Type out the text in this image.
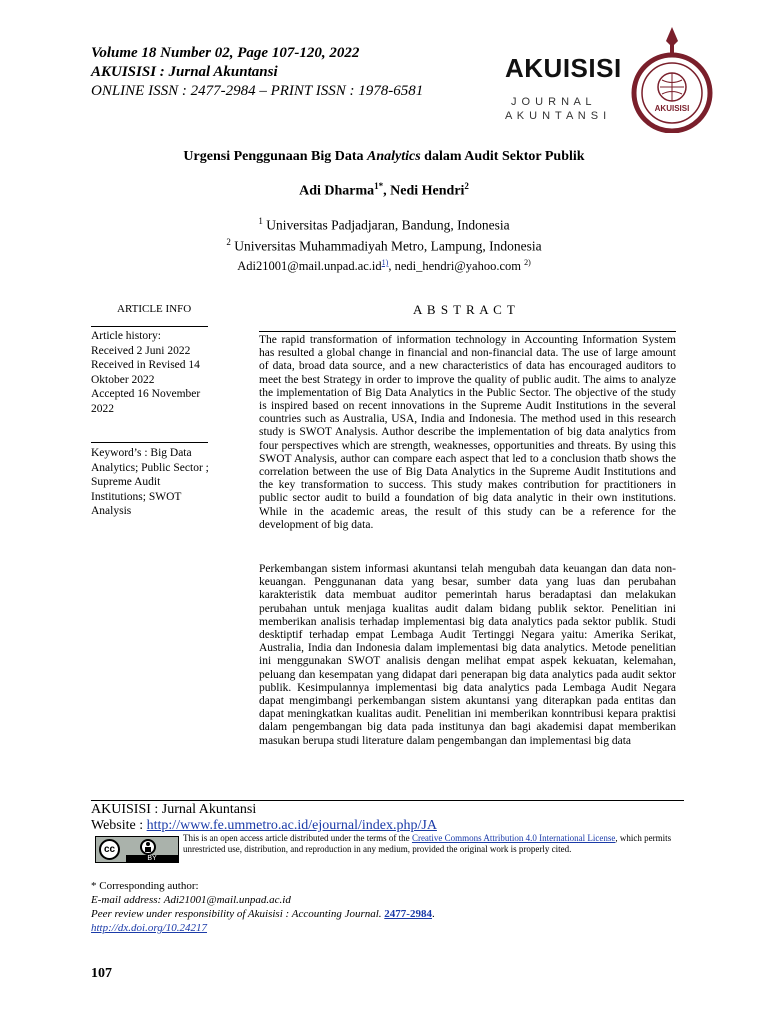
Volume 18 Number 02, Page 107-120, 2022
AKUISISI : Jurnal Akuntansi
ONLINE ISSN : 2477-2984 – PRINT ISSN : 1978-6581
AKUISISI
J O U R N A L
A K U N T A N S I
AKUISISI
Urgensi Penggunaan Big Data Analytics dalam Audit Sektor Publik
Adi Dharma$^{1*}$, Nedi Hendri$^2$
$^1$ Universitas Padjadjaran, Bandung, Indonesia
$^2$ Universitas Muhammadiyah Metro, Lampung, Indonesia
$Adi21001@mail.unpad.ac.id^{1)}$, nedi_hendri@yahoo.com $^{2)}$
ARTICLE INFO
Article history:
Received 2 Juni 2022
Received in Revised 14 Oktober 2022
Accepted 16 November 2022
Keyword’s : Big Data Analytics; Public Sector ; Supreme Audit Institutions; SWOT Analysis
A B S T R A C T
The rapid transformation of information technology in Accounting Information System has resulted a global change in financial and non-financial data. The use of large amount of data, broad data source, and a new characteristics of data has encouraged auditors to meet the best Strategy in order to improve the quality of public audit. The aims to analyze the implementation of Big Data Analytics in the Public Sector. The objective of the study is inspired based on recent innovations in the Supreme Audit Institutions in the several countries such as Australia, USA, India and Indonesia. The method used in this research study is SWOT Analysis. Author describe the implementation of big data analytics from four perspectives which are strength, weaknesses, opportunities and threats. By using this SWOT Analysis, author can compare each aspect that led to a conclusion thatb shows the correlation between the use of Big Data Analytics in the Supreme Audit Institutions and the key transformation to success. This study makes contribution for practitioners in public sector audit to build a foundation of big data analytic in their own institutions. While in the academic areas, the result of this study can be a reference for the development of big data.
Perkembangan sistem informasi akuntansi telah mengubah data keuangan dan data non-keuangan. Penggunanan data yang besar, sumber data yang luas dan perubahan karakteristik data membuat auditor pemerintah harus beradaptasi dan melakukan perubahan untuk menjaga kualitas audit dalam bidang publik sektor. Penelitian ini memberikan analisis terhadap implementasi big data analytics pada sektor publik. Studi desktiptif terhadap empat Lembaga Audit Tertinggi Negara yaitu: Amerika Serikat, Australia, India dan Indonesia dalam implementasi big data analytics. Metode penelitian ini menggunakan SWOT analisis dengan melihat empat aspek kekuatan, kelemahan, peluang dan kesempatan yang didapat dari penerapan big data analytics pada audit sektor publik. Kesimpulannya implementasi big data analytics pada Lembaga Audit Negara dapat mengimbangi perkembangan sistem akuntansi yang diterapkan pada entitas dan dapat meningkatkan kualitas audit. Penelitian ini memberikan konntribusi kepara praktisi dalam pengembangan big data pada institunya dan bagi akademisi dapat memberikan masukan berupa studi literature dalam pengembangan dan implementasi big data
AKUISISI : Jurnal Akuntansi
Website : http://www.fe.ummetro.ac.id/ejournal/index.php/JA
cc
BY
This is an open access article distributed under the terms of the Creative Commons Attribution 4.0 International License, which permits unrestricted use, distribution, and reproduction in any medium, provided the original work is properly cited.
* Corresponding author:
E-mail address: Adi21001@mail.unpad.ac.id
Peer review under responsibility of Akuisisi : Accounting Journal. 2477-2984.
http://dx.doi.org/10.24217
107
